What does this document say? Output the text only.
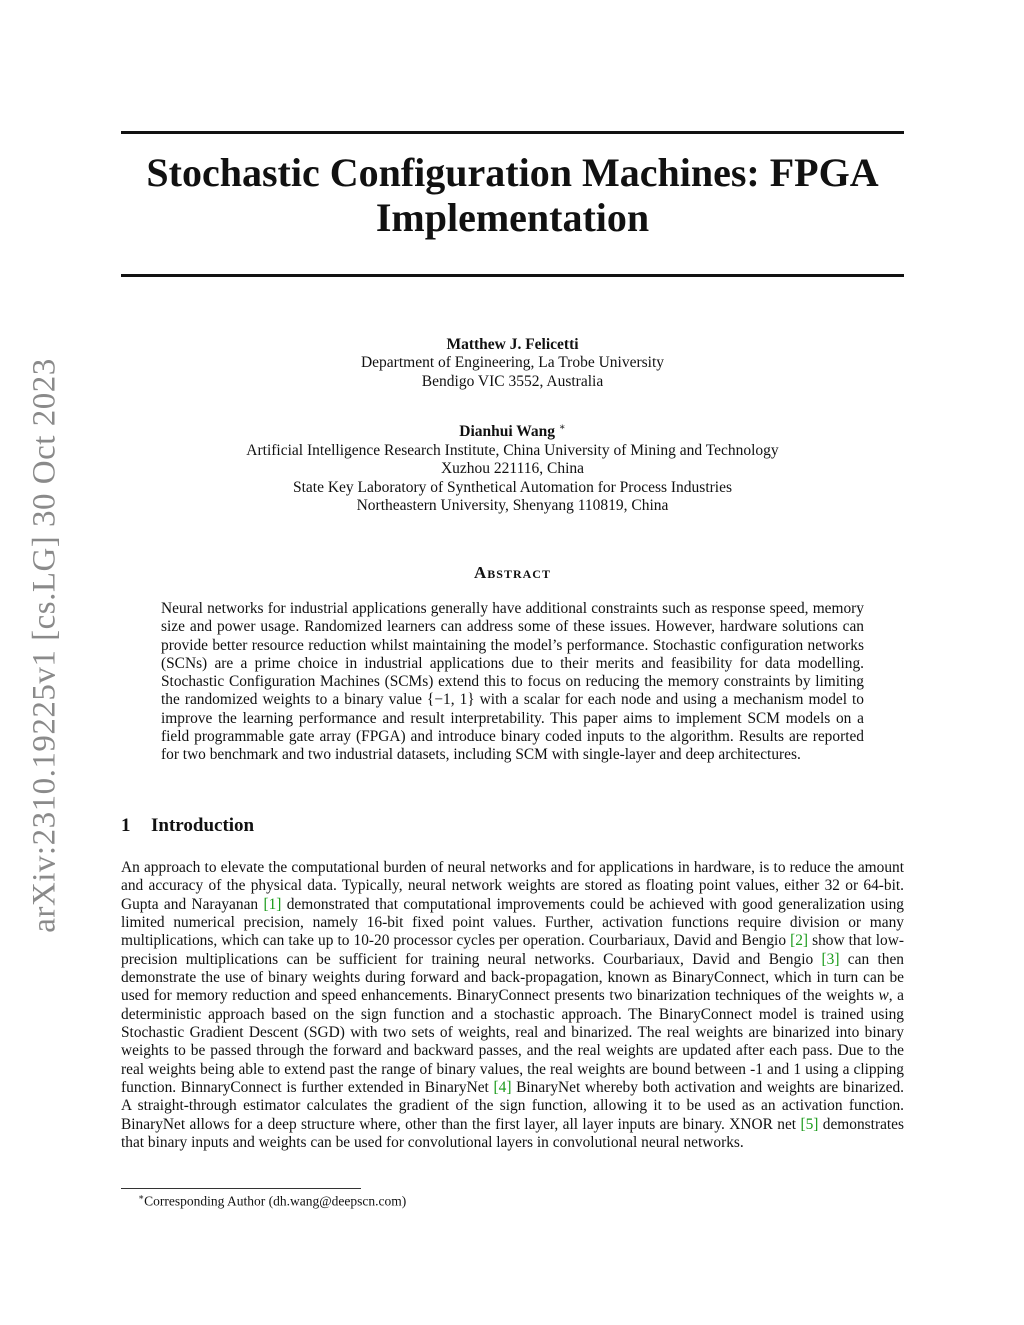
arXiv:2310.19225v1 [cs.LG] 30 Oct 2023
Stochastic Configuration Machines: FPGA
Implementation
Matthew J. Felicetti
Department of Engineering, La Trobe University
Bendigo VIC 3552, Australia
Dianhui Wang ∗
Artificial Intelligence Research Institute, China University of Mining and Technology
Xuzhou 221116, China
State Key Laboratory of Synthetical Automation for Process Industries
Northeastern University, Shenyang 110819, China
Abstract

Neural networks for industrial applications generally have additional constraints such as response speed, memory size and power usage. Randomized learners can address some of these issues. However, hardware solutions can provide better resource reduction whilst maintaining the model’s performance. Stochastic configuration networks (SCNs) are a prime choice in industrial applications due to their merits and feasibility for data modelling. Stochastic Configuration Machines (SCMs) extend this to focus on reducing the memory constraints by limiting the randomized weights to a binary value {−1, 1} with a scalar for each node and using a mechanism model to improve the learning performance and result interpretability. This paper aims to implement SCM models on a field programmable gate array (FPGA) and introduce binary coded inputs to the algorithm. Results are reported for two benchmark and two industrial datasets, including SCM with single-layer and deep architectures.

1 Introduction

An approach to elevate the computational burden of neural networks and for applications in hardware, is to reduce the amount and accuracy of the physical data. Typically, neural network weights are stored as floating point values, either 32 or 64-bit. Gupta and Narayanan [1] demonstrated that computational improvements could be achieved with good generalization using limited numerical precision, namely 16-bit fixed point values. Further, activation functions require division or many multiplications, which can take up to 10-20 processor cycles per operation. Courbariaux, David and Bengio [2] show that low-precision multiplications can be sufficient for training neural networks. Courbariaux, David and Bengio [3] can then demonstrate the use of binary weights during forward and back-propagation, known as BinaryConnect, which in turn can be used for memory reduction and speed enhancements. BinaryConnect presents two binarization techniques of the weights w, a deterministic approach based on the sign function and a stochastic approach. The BinaryConnect model is trained using Stochastic Gradient Descent (SGD) with two sets of weights, real and binarized. The real weights are binarized into binary weights to be passed through the forward and backward passes, and the real weights are updated after each pass. Due to the real weights being able to extend past the range of binary values, the real weights are bound between -1 and 1 using a clipping function. BinnaryConnect is further extended in BinaryNet [4] BinaryNet whereby both activation and weights are binarized. A straight-through estimator calculates the gradient of the sign function, allowing it to be used as an activation function. BinaryNet allows for a deep structure where, other than the first layer, all layer inputs are binary. XNOR net [5] demonstrates that binary inputs and weights can be used for convolutional layers in convolutional neural networks.

∗Corresponding Author (dh.wang@deepscn.com)
